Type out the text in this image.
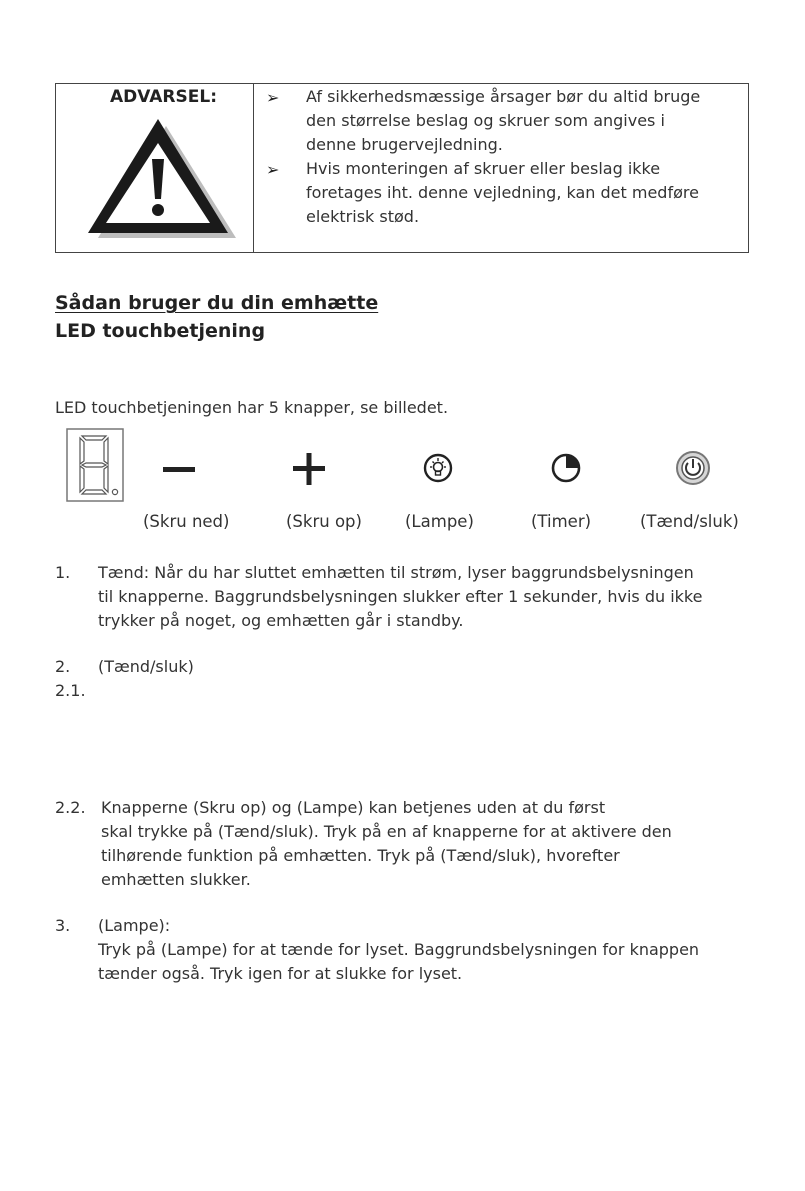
ADVARSEL:	➢ Af sikkerhedsmæssige årsager bør du altid bruge
den størrelse beslag og skruer som angives i
denne brugervejledning.
➢ Hvis monteringen af skruer eller beslag ikke
foretages iht. denne vejledning, kan det medføre
elektrisk stød.
Sådan bruger du din emhætte
LED touchbetjening
LED touchbetjeningen har 5 knapper, se billedet.
(Skru ned)	(Skru op)	(Lampe)	(Timer)	(Tænd/sluk)
1. Tænd: Når du har sluttet emhætten til strøm, lyser baggrundsbelysningen
til knapperne. Baggrundsbelysningen slukker efter 1 sekunder, hvis du ikke
trykker på noget, og emhætten går i standby.
2. (Tænd/sluk)
2.1.
2.2. Knapperne (Skru op) og (Lampe) kan betjenes uden at du først
skal trykke på (Tænd/sluk). Tryk på en af knapperne for at aktivere den
tilhørende funktion på emhætten. Tryk på (Tænd/sluk), hvorefter
emhætten slukker.
3. (Lampe):
Tryk på (Lampe) for at tænde for lyset. Baggrundsbelysningen for knappen
tænder også. Tryk igen for at slukke for lyset.
